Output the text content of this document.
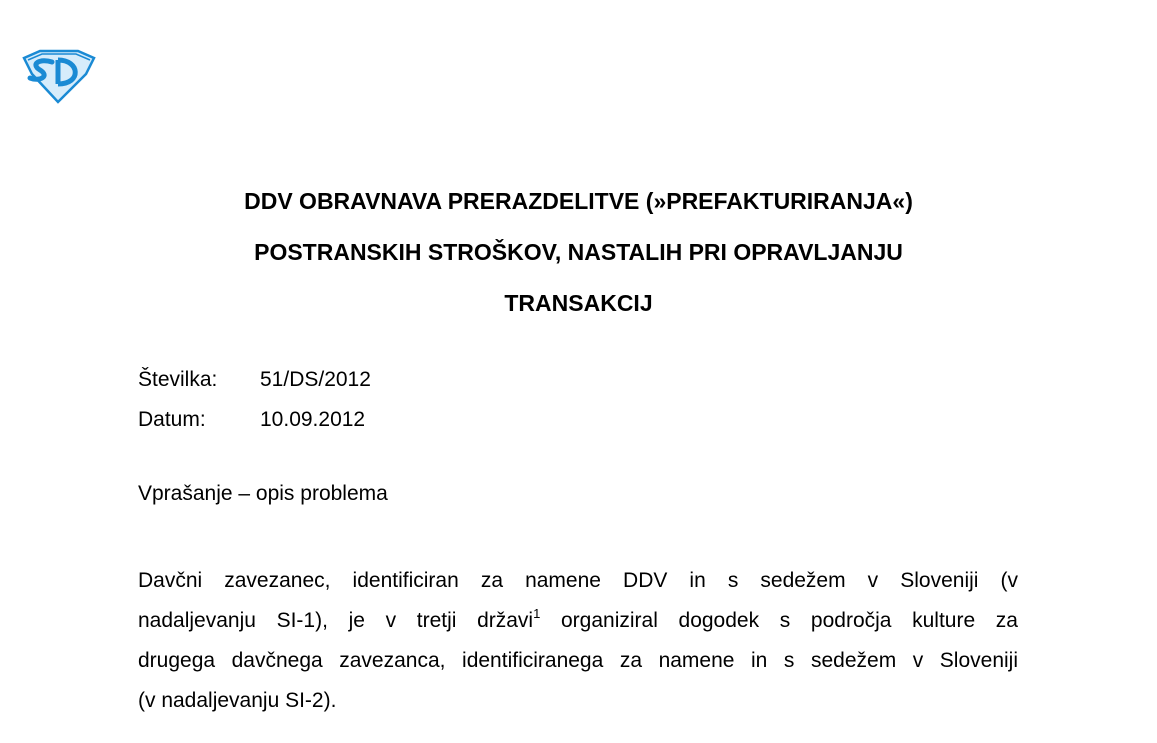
DDV OBRAVNAVA PRERAZDELITVE (»PREFAKTURIRANJA«)
POSTRANSKIH STROŠKOV, NASTALIH PRI OPRAVLJANJU
TRANSAKCIJ
Številka:	51/DS/2012
Datum:	10.09.2012
Vprašanje – opis problema
Davčni zavezanec, identificiran za namene DDV in s sedežem v Sloveniji (v
nadaljevanju SI-1), je v tretji državi$^1$ organiziral dogodek s področja kulture za
drugega davčnega zavezanca, identificiranega za namene in s sedežem v Sloveniji
(v nadaljevanju SI-2).
